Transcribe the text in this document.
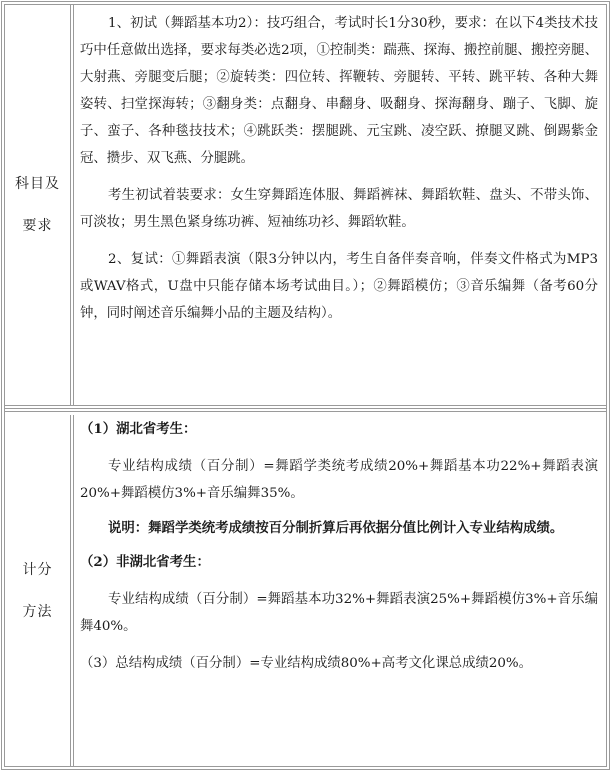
科目及
要求

1、初试（舞蹈基本功2）：技巧组合，考试时长1分30秒，要求：在以下4类技术技巧中任意做出选择，要求每类必选2项，①控制类：踹燕、探海、搬控前腿、搬控旁腿、大射燕、旁腿变后腿；②旋转类：四位转、挥鞭转、旁腿转、平转、跳平转、各种大舞姿转、扫堂探海转；③翻身类：点翻身、串翻身、吸翻身、探海翻身、蹦子、飞脚、旋子、蛮子、各种毯技技术；④跳跃类：摆腿跳、元宝跳、凌空跃、撩腿叉跳、倒踢紫金冠、攒步、双飞燕、分腿跳。

考生初试着装要求：女生穿舞蹈连体服、舞蹈裤袜、舞蹈软鞋、盘头、不带头饰、可淡妆；男生黑色紧身练功裤、短袖练功衫、舞蹈软鞋。

2、复试：①舞蹈表演（限3分钟以内，考生自备伴奏音响，伴奏文件格式为MP3或WAV格式，U盘中只能存储本场考试曲目。）；②舞蹈模仿；③音乐编舞（备考60分钟，同时阐述音乐编舞小品的主题及结构）。

计分
方法

（1）湖北省考生：

专业结构成绩（百分制）=舞蹈学类统考成绩20%+舞蹈基本功22%+舞蹈表演20%+舞蹈模仿3%+音乐编舞35%。

说明：舞蹈学类统考成绩按百分制折算后再依据分值比例计入专业结构成绩。

（2）非湖北省考生：

专业结构成绩（百分制）=舞蹈基本功32%+舞蹈表演25%+舞蹈模仿3%+音乐编舞40%。

（3）总结构成绩（百分制）=专业结构成绩80%+高考文化课总成绩20%。
